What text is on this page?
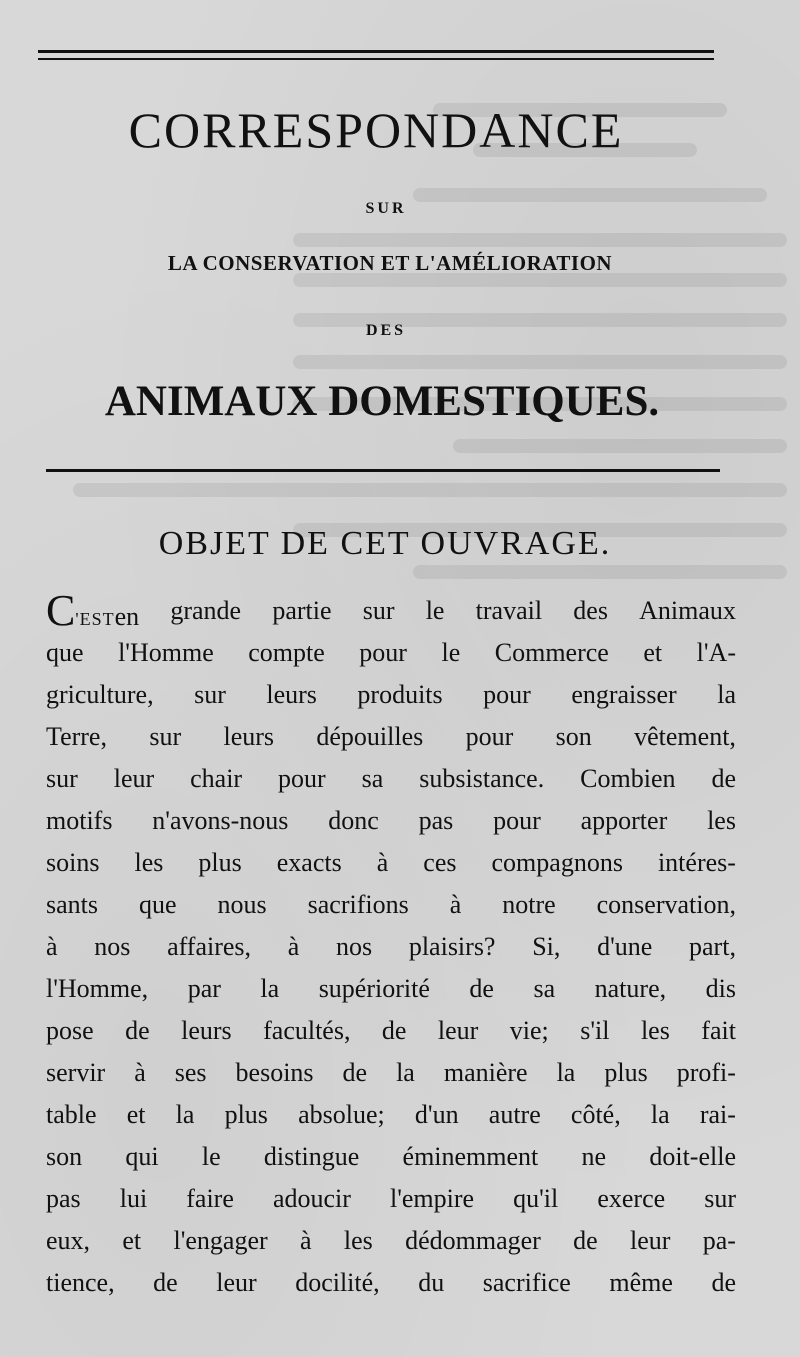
CORRESPONDANCE
SUR
LA CONSERVATION ET L'AMÉLIORATION
DES
ANIMAUX DOMESTIQUES.
OBJET DE CET OUVRAGE.
C'ESTen grande partie sur le travail des Animaux
que l'Homme compte pour le Commerce et l'A-
griculture, sur leurs produits pour engraisser la
Terre, sur leurs dépouilles pour son vêtement,
sur leur chair pour sa subsistance. Combien de
motifs n'avons-nous donc pas pour apporter les
soins les plus exacts à ces compagnons intéres-
sants que nous sacrifions à notre conservation,
à nos affaires, à nos plaisirs? Si, d'une part,
l'Homme, par la supériorité de sa nature, dis
pose de leurs facultés, de leur vie; s'il les fait
servir à ses besoins de la manière la plus profi-
table et la plus absolue; d'un autre côté, la rai-
son qui le distingue éminemment ne doit-elle
pas lui faire adoucir l'empire qu'il exerce sur
eux, et l'engager à les dédommager de leur pa-
tience, de leur docilité, du sacrifice même de
